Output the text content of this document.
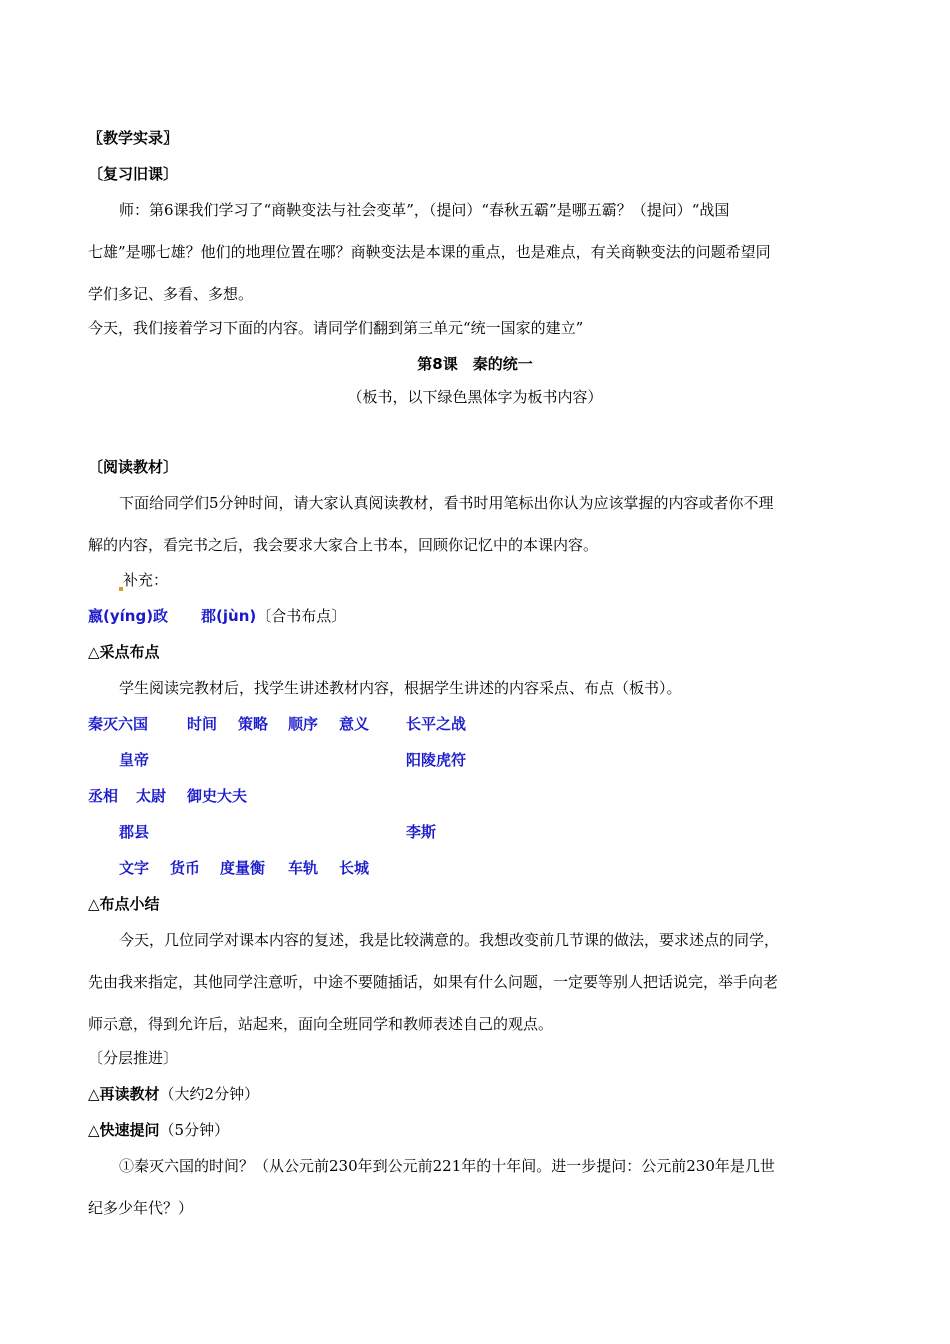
〖教学实录〗
〔复习旧课〕
师：第6课我们学习了“商鞅变法与社会变革”，（提问）“春秋五霸”是哪五霸？（提问）“战国
七雄”是哪七雄？他们的地理位置在哪？商鞅变法是本课的重点，也是难点，有关商鞅变法的问题希望同
学们多记、多看、多想。
今天，我们接着学习下面的内容。请同学们翻到第三单元“统一国家的建立”
第8课　秦的统一
（板书，以下绿色黑体字为板书内容）
〔阅读教材〕
下面给同学们5分钟时间，请大家认真阅读教材，看书时用笔标出你认为应该掌握的内容或者你不理
解的内容，看完书之后，我会要求大家合上书本，回顾你记忆中的本课内容。
补充：
嬴(yíng)政 郡(jùn)〔合书布点〕
△采点布点
学生阅读完教材后，找学生讲述教材内容，根据学生讲述的内容采点、布点（板书）。
秦灭六国	时间 策略 顺序 意义 长平之战
皇帝	阳陵虎符
丞相 太尉 御史大夫
郡县	李斯
文字 货币 度量衡 车轨 长城
△布点小结
今天，几位同学对课本内容的复述，我是比较满意的。我想改变前几节课的做法，要求述点的同学，
先由我来指定，其他同学注意听，中途不要随插话，如果有什么问题，一定要等别人把话说完，举手向老
师示意，得到允许后，站起来，面向全班同学和教师表述自己的观点。
〔分层推进〕
△再读教材（大约2分钟）
△快速提问（5分钟）
①秦灭六国的时间？（从公元前230年到公元前221年的十年间。进一步提问：公元前230年是几世
纪多少年代？）
